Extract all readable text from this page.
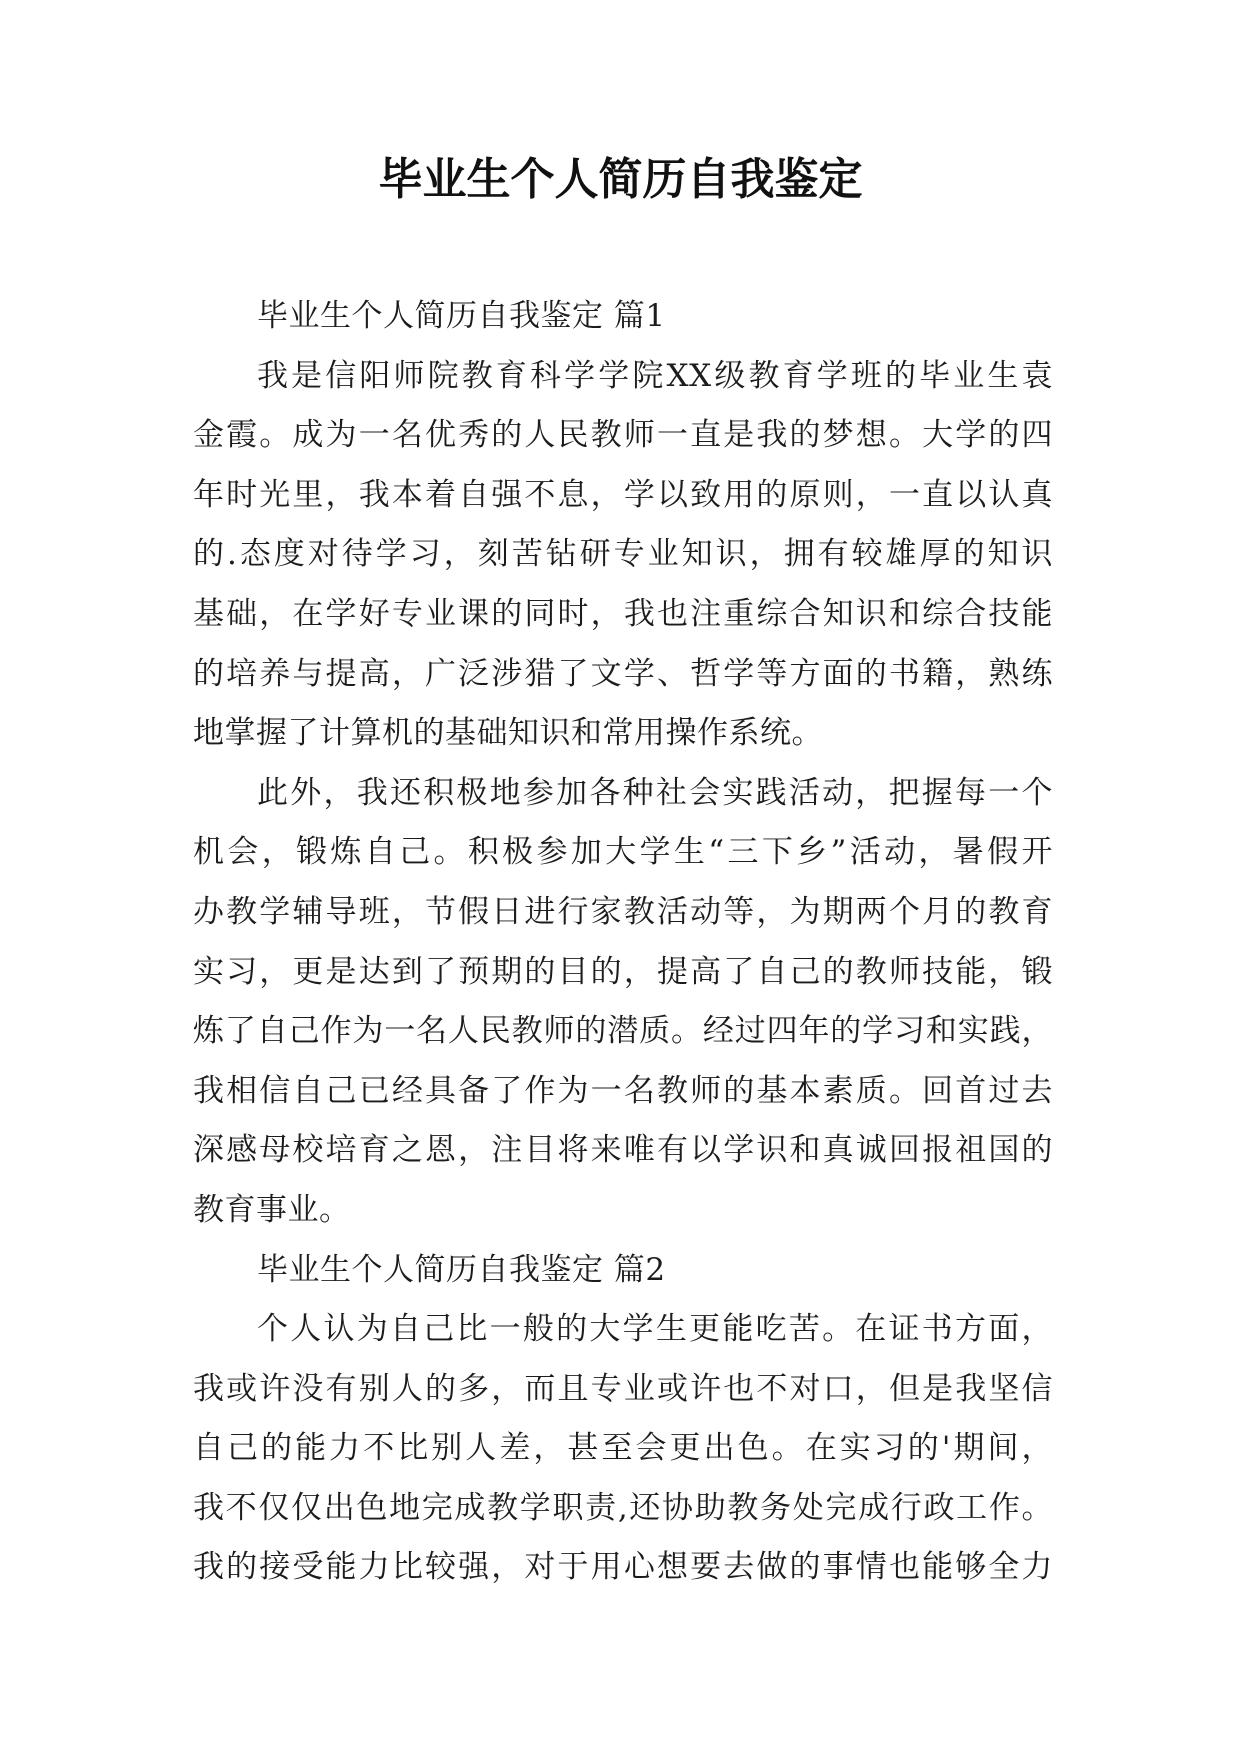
毕业生个人简历自我鉴定
毕业生个人简历自我鉴定 篇1
我是信阳师院教育科学学院XX级教育学班的毕业生袁
金霞。成为一名优秀的人民教师一直是我的梦想。大学的四
年时光里，我本着自强不息，学以致用的原则，一直以认真
的.态度对待学习，刻苦钻研专业知识，拥有较雄厚的知识
基础，在学好专业课的同时，我也注重综合知识和综合技能
的培养与提高，广泛涉猎了文学、哲学等方面的书籍，熟练
地掌握了计算机的基础知识和常用操作系统。
此外，我还积极地参加各种社会实践活动，把握每一个
机会，锻炼自己。积极参加大学生“三下乡”活动，暑假开
办教学辅导班，节假日进行家教活动等，为期两个月的教育
实习，更是达到了预期的目的，提高了自己的教师技能，锻
炼了自己作为一名人民教师的潜质。经过四年的学习和实践，
我相信自己已经具备了作为一名教师的基本素质。回首过去
深感母校培育之恩，注目将来唯有以学识和真诚回报祖国的
教育事业。
毕业生个人简历自我鉴定 篇2
个人认为自己比一般的大学生更能吃苦。在证书方面，
我或许没有别人的多，而且专业或许也不对口，但是我坚信
自己的能力不比别人差，甚至会更出色。在实习的'期间，
我不仅仅出色地完成教学职责,还协助教务处完成行政工作。
我的接受能力比较强，对于用心想要去做的事情也能够全力
